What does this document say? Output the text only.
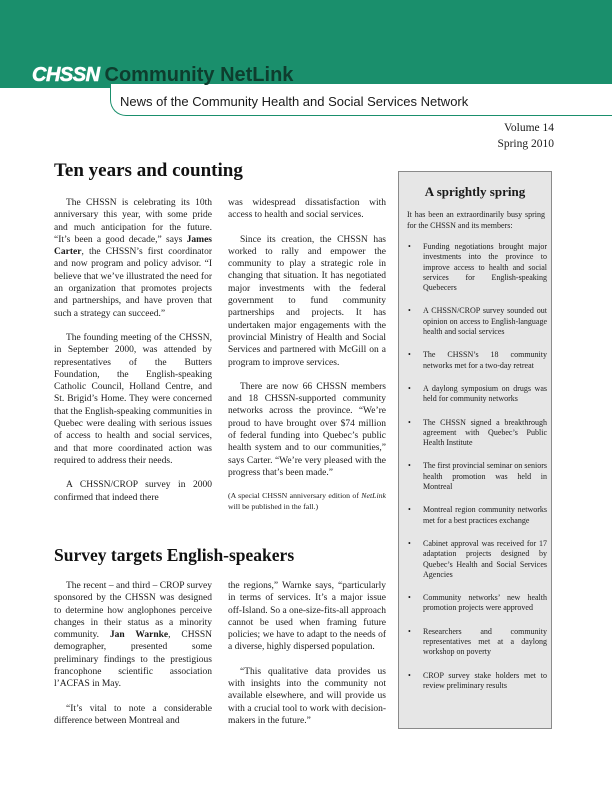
CHSSN Community NetLink
News of the Community Health and Social Services Network
Volume 14
Spring 2010
Ten years and counting

The CHSSN is celebrating its 10th anniversary this year, with some pride and much anticipation for the future. “It’s been a good decade,” says James Carter, the CHSSN’s first coordinator and now program and policy advisor. “I believe that we’ve illustrated the need for an organization that promotes projects and partnerships, and have proven that such a strategy can succeed.”

The founding meeting of the CHSSN, in September 2000, was attended by representatives of the Butters Foundation, the English-speaking Catholic Council, Holland Centre, and St. Brigid’s Home. They were concerned that the English-speaking communities in Quebec were dealing with serious issues of access to health and social services, and that more coordinated action was required to address their needs.

A CHSSN/CROP survey in 2000 confirmed that indeed there

was widespread dissatisfaction with access to health and social services.

Since its creation, the CHSSN has worked to rally and empower the community to play a strategic role in changing that situation. It has negotiated major investments with the federal government to fund community partnerships and projects. It has undertaken major engagements with the provincial Ministry of Health and Social Services and partnered with McGill on a program to improve services.

There are now 66 CHSSN members and 18 CHSSN-supported community networks across the province. “We’re proud to have brought over $74 million of federal funding into Quebec’s public health system and to our communities,” says Carter. “We’re very pleased with the progress that’s been made.”

(A special CHSSN anniversary edition of NetLink will be published in the fall.)

Survey targets English-speakers

The recent – and third – CROP survey sponsored by the CHSSN was designed to determine how anglophones perceive changes in their status as a minority community. Jan Warnke, CHSSN demographer, presented some preliminary findings to the prestigious francophone scientific association l’ACFAS in May.

“It’s vital to note a considerable difference between Montreal and

the regions,” Warnke says, “particularly in terms of services. It’s a major issue off-Island. So a one-size-fits-all approach cannot be used when framing future policies; we have to adapt to the needs of a diverse, highly dispersed population.

“This qualitative data provides us with insights into the community not available elsewhere, and will provide us with a crucial tool to work with decision-makers in the future.”

A sprightly spring
It has been an extraordinarily busy spring for the CHSSN and its members:
• Funding negotiations brought major investments into the province to improve access to health and social services for English-speaking Quebecers
• A CHSSN/CROP survey sounded out opinion on access to English-language health and social services
• The CHSSN’s 18 community networks met for a two-day retreat
• A daylong symposium on drugs was held for community networks
• The CHSSN signed a breakthrough agreement with Quebec’s Public Health Institute
• The first provincial seminar on seniors health promotion was held in Montreal
• Montreal region community networks met for a best practices exchange
• Cabinet approval was received for 17 adaptation projects designed by Quebec’s Health and Social Services Agencies
• Community networks’ new health promotion projects were approved
• Researchers and community representatives met at a daylong workshop on poverty
• CROP survey stake holders met to review preliminary results
